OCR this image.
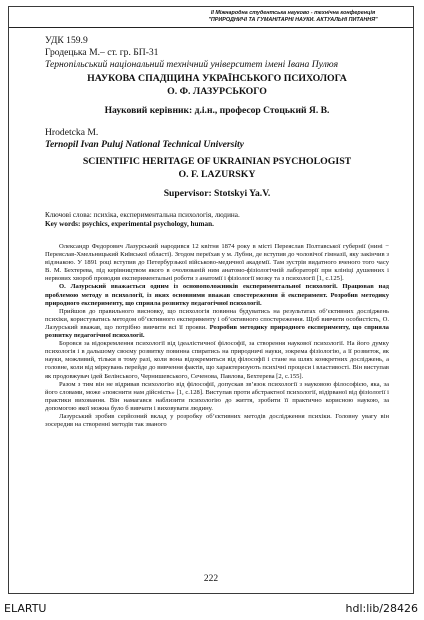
ІІ Міжнародна студентська науково - технічна конференція
"ПРИРОДНИЧІ ТА ГУМАНІТАРНІ НАУКИ. АКТУАЛЬНІ ПИТАННЯ"
УДК 159.9
Гродецька М.– ст. гр. БП-31
Тернопільський національний технічний університет імені Івана Пулюя
НАУКОВА СПАДЩИНА УКРАЇНСЬКОГО ПСИХОЛОГА
О. Ф. ЛАЗУРСЬКОГО
Науковий керівник: д.і.н., професор Стоцький Я. В.
Hrodetcka M.
Ternopil Ivan Puluj National Technical University
SCIENTIFIC HERITAGE OF UKRAINIAN PSYCHOLOGIST
O. F. LAZURSKY
Supervisor: Stotskyi Ya.V.
Ключові слова: психіка, експериментальна психологія, людина.
Key words: psychics, experimental psychology, human.

Олександр Федорович Лазурський народився 12 квітня 1874 року в місті Переяслав Полтавської губернії (нині − Переяслав-Хмельницький Київської області). Згодом переїхав у м. Лубни, де вступив до чоловічої гімназії, яку закінчив з відзнакою. У 1891 році вступив до Петербурзької військово-медичної академії. Там зустрів видатного вченого того часу В. М. Бехтерева, під керівництвом якого в очолюваній ним анатомо-фізіологічній лабораторії при клініці душевних і нервових хвороб проводив експериментальні роботи з анатомії і фізіології мозку та з психології [1, с.125].

О. Лазурський вважається одним із основоположників експериментальної психології. Працював над проблемою методу в психології, із яких основними вважав спостереження й експеримент. Розробив методику природного експерименту, що сприяла розвитку педагогічної психології.

Прийшов до правильного висновку, що психологія повинна будуватись на результатах об’єктивних досліджень психіки, користуватись методом об’єктивного експерименту і об’єктивного спостереження. Щоб вивчити особистість, О. Лазурський вважав, що потрібно вивчити всі її прояви. Розробив методику природного експерименту, що сприяла розвитку педагогічної психології.

Боровся за відокремлення психології від ідеалістичної філософії, за створення наукової психології. На його думку психологія і в дальшому своєму розвитку повинна спиратись на природничі науки, зокрема фізіологію, а її розвиток, як науки, можливий, тільки в тому разі, коли вона відокремиться від філософії і стане на шлях конкретних досліджень, а головне, коли від міркувань перейде до вивчення фактів, що характеризують психічні процеси і властивості. Він виступав як продовжувач ідей Белінського, Чернишевського, Сеченова, Павлова, Бехтерева [2, с.155].

Разом з тим він не відривав психологію від філософії, допускав зв’язок психології з науковою філософією, яка, за його словами, може «пояснити нам дійсність» [1, с.128]. Виступав проти абстрактної психології, відірваної від фізіології і практики виховання. Він намагався наблизити психологію до життя, зробити її практично корисною наукою, за допомогою якої можна було б вивчати і виховувати людину.

Лазурський зробив серйозний вклад у розробку об’єктивних методів дослідження психіки. Головну увагу він зосередив на створенні методів так званого

222
ELARTU	hdl:lib/28426
